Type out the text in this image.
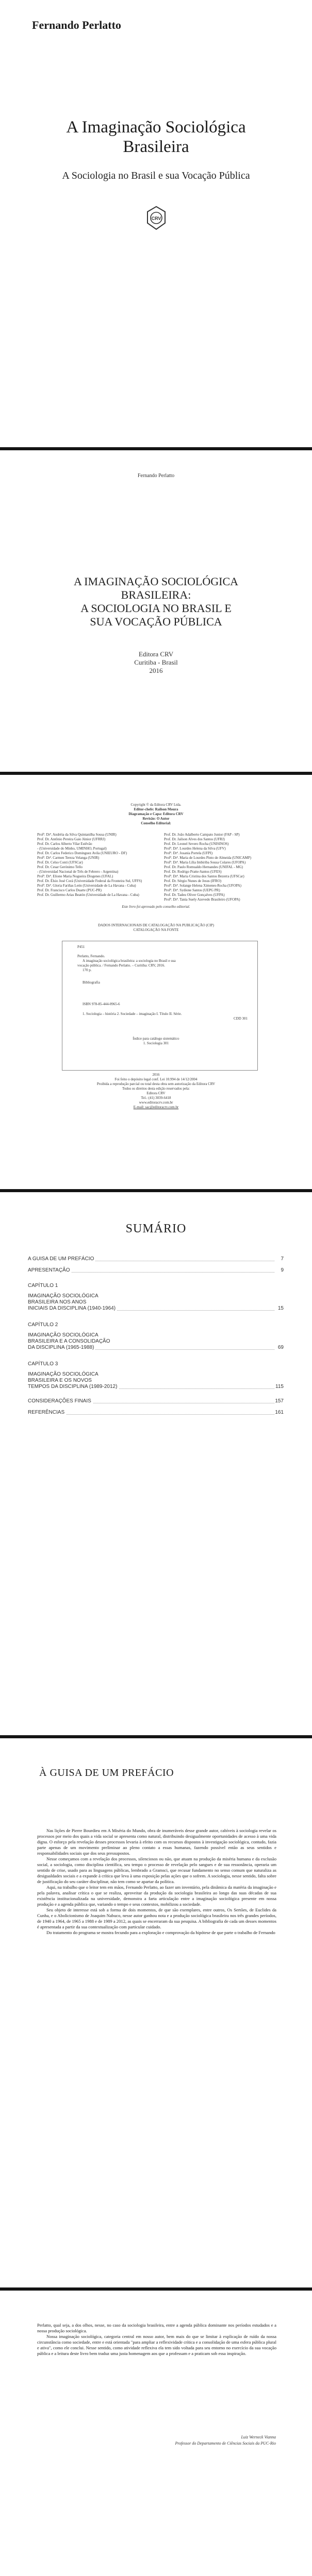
Fernando Perlatto
A Imaginação Sociológica
Brasileira
A Sociologia no Brasil e sua Vocação Pública
CRV
Fernando Perlatto
A IMAGINAÇÃO SOCIOLÓGICA
BRASILEIRA:
A SOCIOLOGIA NO BRASIL E
SUA VOCAÇÃO PÚBLICA
Editora CRV
Curitiba - Brasil
2016
Copyright © da Editora CRV Ltda.
Editor-chefe: Railson Moura
Diagramação e Capa: Editora CRV
Revisão: O Autor
Conselho Editorial:
Profª. Drª. Andréia da Silva Quintanilha Sousa (UNIR)
Prof. Dr. Antônio Pereira Gaio Júnior (UFRRJ)
Prof. Dr. Carlos Alberto Vilar Estêvão
- (Universidade do Minho, UMINHO, Portugal)
Prof. Dr. Carlos Federico Dominguez Avila (UNIEURO - DF)
Profª. Drª. Carmen Tereza Velanga (UNIR)
Prof. Dr. Celso Conti (UFSCar)
Prof. Dr. Cesar Gerónimo Tello
- (Universidad Nacional de Três de Febrero - Argentina)
Profª. Drª. Elione Maria Nogueira Diogenes (UFAL)
Prof. Dr. Élsio José Corá (Universidade Federal da Fronteira Sul, UFFS)
Profª. Drª. Gloria Fariñas León (Universidade de La Havana - Cuba)
Prof. Dr. Francisco Carlos Duarte (PUC-PR)
Prof. Dr. Guillermo Arias Beatón (Universidade de La Havana - Cuba)
Prof. Dr. João Adalberto Campato Junior (FAP - SP)
Prof. Dr. Jailson Alves dos Santos (UFRJ)
Prof. Dr. Leonel Severo Rocha (UNISINOS)
Profª. Drª. Lourdes Helena da Silva (UFV)
Profª. Drª. Josania Portela (UFPI)
Profª. Drª. Maria de Lourdes Pinto de Almeida (UNICAMP)
Profª. Drª. Maria Lília Imbiriba Sousa Colares (UFOPA)
Prof. Dr. Paulo Romualdo Hernandes (UNIFAL - MG)
Prof. Dr. Rodrigo Pratte-Santos (UFES)
Profª. Drª. Maria Cristina dos Santos Bezerra (UFSCar)
Prof. Dr. Sérgio Nunes de Jesus (IFRO)
Profª. Drª. Solange Helena Ximenes-Rocha (UFOPA)
Profª. Drª. Sydione Santos (UEPG PR)
Prof. Dr. Tadeu Oliver Gonçalves (UFPA)
Profª. Drª. Tania Suely Azevedo Brasileiro (UFOPA)
Este livro foi aprovado pelo conselho editorial.
DADOS INTERNACIONAIS DE CATALOGAÇÃO NA PUBLICAÇÃO (CIP)
CATALOGAÇÃO NA FONTE
P451
Perlatto, Fernando.
A imaginação sociológica brasileira: a sociologia no Brasil e sua
vocação pública. / Fernando Perlatto. – Curitiba: CRV, 2016.
170 p.
Bibliografia
ISBN 978-85-444-0965-6
1. Sociologia – história 2. Sociedade – imaginação I. Título II. Série.
CDD 301
Índice para catálogo sistemático
1. Sociologia 301
2016
Foi feito o depósito legal conf. Lei 10.994 de 14/12/2004
Proibida a reprodução parcial ou total desta obra sem autorização da Editora CRV
Todos os direitos desta edição reservados pela:
Editora CRV
Tel.: (41) 3039-6418
www.editoracrv.com.br
E-mail: sac@editoracrv.com.br
SUMÁRIO
A GUISA DE UM PREFÁCIO	7
APRESENTAÇÃO	9
CAPÍTULO 1
IMAGINAÇÃO SOCIOLÓGICA
BRASILEIRA NOS ANOS
INICIAIS DA DISCIPLINA (1940-1964)	15
CAPÍTULO 2
IMAGINAÇÃO SOCIOLÓGICA
BRASILEIRA E A CONSOLIDAÇÃO
DA DISCIPLINA (1965-1988)	69
CAPÍTULO 3
IMAGINAÇÃO SOCIOLÓGICA
BRASILEIRA E OS NOVOS
TEMPOS DA DISCIPLINA (1989-2012)	115
CONSIDERAÇÕES FINAIS	157
REFERÊNCIAS	161
À GUISA DE UM PREFÁCIO

Nas lições de Pierre Bourdieu em A Miséria do Mundo, obra de inumeráveis desse grande autor, cabíveis à sociologia revelar os processos por meio dos quais a vida social se apresenta como natural, distribuindo desigualmente oportunidades de acesso à uma vida digna. O esforço pela revelação desses processos levaria à efeito com os recursos dispostos à investigação sociológica, contudo, fazia parte apenas de um movimento preliminar ao pleno contato a essas humanas, fazendo possível então as seus sentidos e responsabilidades sociais que dos seus pressupostos.

Nesse começamos com a revelação dos processos, silenciosos ou não, que atuam na produção da miséria humana e da exclusão social, a sociologia, como disciplina científica, seu tempo o processo de revelação pelo sangues e de sua ressonância, operaria um sentido de crise, usado para as linguagens públicas, lembrado a Gramsci, que recusar fundamento no senso comum que naturaliza as desigualdades sociais e a expande à crítica que leva à uma exposição pelas ações que o sofrem. A sociologia, nesse sentido, falta sobre de justificação do seu caráter disciplinar, não tem como se apartar da política.

Aqui, na trabalho que o leitor tem em mãos, Fernando Perlatto, ao fazer um inventário, pela dinâmica da matéria da imaginação e pela palavra, analisar crítica o que se realiza, aproveitar da produção da sociologia brasileira ao longo das suas décadas de sua existência institucionalizada na universidade, demonstra a farta articulação entre a imaginação sociológica presente em nossa produção e a agenda pública que, variando o tempo e seus contextos, mobilizou a sociedade.

Seu objeto de interesse está sob a forma de dois momentos, de que são exemplares, entre outros, Os Sertões, de Euclides da Cunha, e o Abolicionismo de Joaquim Nabuco, nesse autor ganhou nota e a produção sociológica brasileira nos três grandes períodos, de 1940 a 1964, de 1965 a 1988 e de 1989 a 2012, as quais se encerraram da sua pesquisa. A bibliografia de cada um desses momentos é apresentada a partir da sua contextualização com particular cuidado.

Do tratamento do programa se mostra fecundo para a exploração e comprovação da hipótese de que parte o trabalho de Fernando

Perlatto, qual seja, a dos olhos, nesse, no caso da sociologia brasileira, entre a agenda pública dominante nos períodos estudados e a nossa produção sociológica.

Nossa imaginação sociológica, categoria central em nosso autor, bem mais do que se limitar à explicação de ruído da nossa circunstância como sociedade, entre e está orientada "para ampliar a reflexividade crítica e a consolidação de uma esfera pública plural e ativa", como ele conclui. Nesse sentido, como atividade reflexiva ela tem sido voltada para seu entorno no exercício da sua vocação pública e a leitura deste livro bem traduz uma justa homenagem aos que a professam e a praticam sob essa inspiração.

Luiz Werneck Vianna
Professor do Departamento de Ciências Sociais da PUC-Rio
